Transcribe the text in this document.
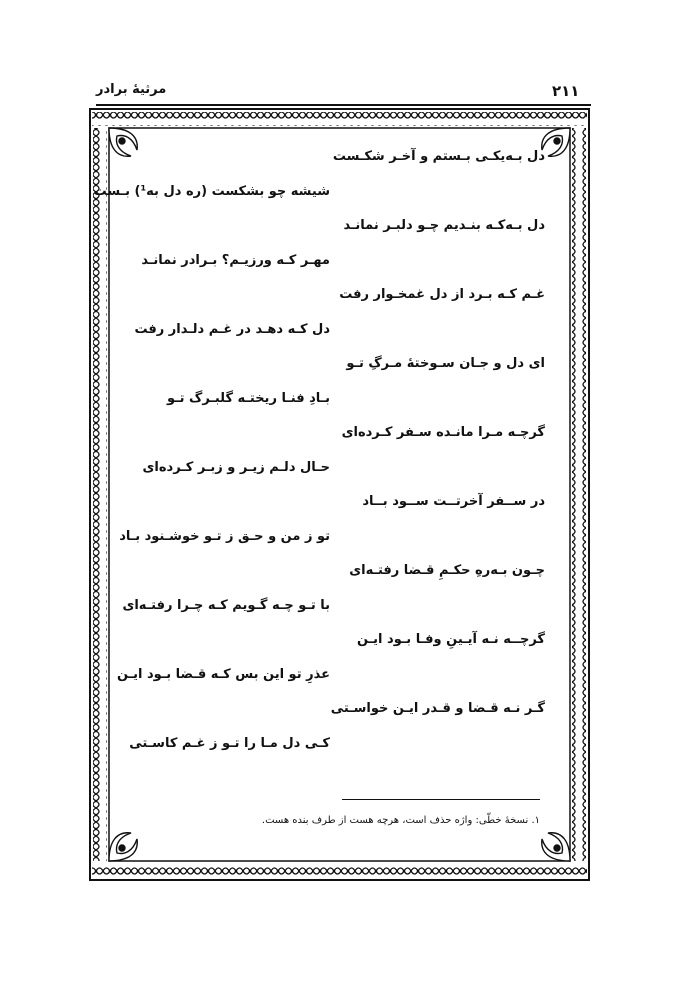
۲۱۱
مرثیهٔ برادر
دل بـه‌یکـی بـستم و آخـر شکـست
شیشه چو بشکست (ره دل به¹) بـست
دل بـه‌کـه بنـدیم چـو دلبـر نمانـد
مهـر کـه ورزیـم؟ بـرادر نمانـد
غـم کـه بـرد از دل غمخـوار رفت
دل کـه دهـد در غـم دلـدار رفت
ای دل و جـان سـوختهٔ مـرگِ تـو
بـادِ فنـا ریختـه گلبـرگ تـو
گرچـه مـرا مانـده سـفر کـرده‌ای
حـال دلـم زیـر و زبـر کـرده‌ای
در ســفر آخرتــت ســود بــاد
تو ز من و حـق ز تـو خوشـنود بـاد
چـون بـه‌رهِ حکـمِ قـضا رفتـه‌ای
با تـو چـه گـویم کـه چـرا رفتـه‌ای
گرچــه نـه آیـینِ وفـا بـود ایـن
عذرِ تو این بس کـه قـضا بـود ایـن
گـر نـه قـضا و قـدر ایـن خواسـتی
کـی دل مـا را تـو ز غـم کاسـتی
۱. نسخهٔ خطّی: واژه حذف است، هرچه هست از طرف بنده هست.
